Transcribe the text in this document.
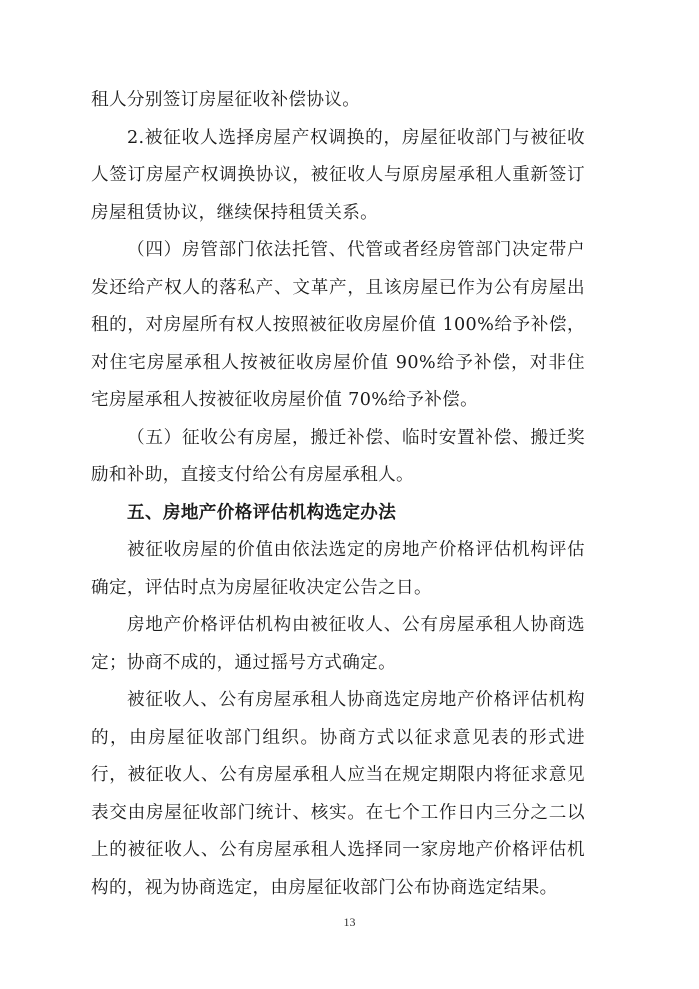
租人分别签订房屋征收补偿协议。

2.被征收人选择房屋产权调换的，房屋征收部门与被征收人签订房屋产权调换协议，被征收人与原房屋承租人重新签订房屋租赁协议，继续保持租赁关系。

（四）房管部门依法托管、代管或者经房管部门决定带户发还给产权人的落私产、文革产，且该房屋已作为公有房屋出租的，对房屋所有权人按照被征收房屋价值 100%给予补偿，对住宅房屋承租人按被征收房屋价值 90%给予补偿，对非住宅房屋承租人按被征收房屋价值 70%给予补偿。

（五）征收公有房屋，搬迁补偿、临时安置补偿、搬迁奖励和补助，直接支付给公有房屋承租人。

五、房地产价格评估机构选定办法

被征收房屋的价值由依法选定的房地产价格评估机构评估确定，评估时点为房屋征收决定公告之日。

房地产价格评估机构由被征收人、公有房屋承租人协商选定；协商不成的，通过摇号方式确定。

被征收人、公有房屋承租人协商选定房地产价格评估机构的，由房屋征收部门组织。协商方式以征求意见表的形式进行，被征收人、公有房屋承租人应当在规定期限内将征求意见表交由房屋征收部门统计、核实。在七个工作日内三分之二以上的被征收人、公有房屋承租人选择同一家房地产价格评估机构的，视为协商选定，由房屋征收部门公布协商选定结果。

13
